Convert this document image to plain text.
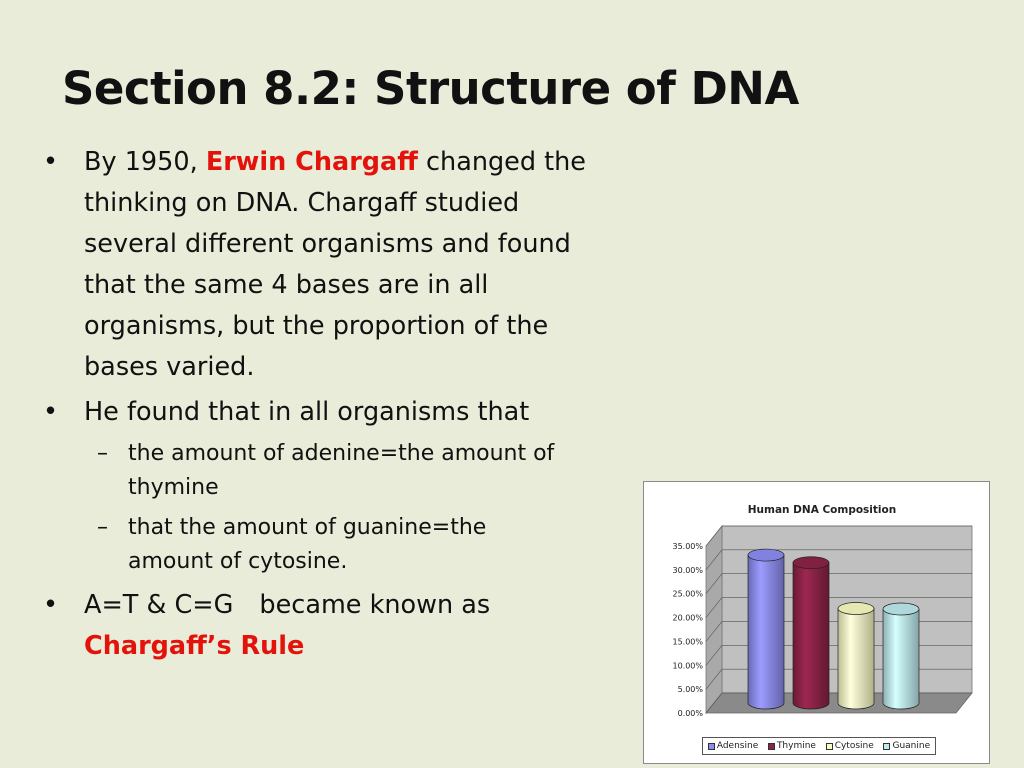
Section 8.2: Structure of DNA
• By 1950, Erwin Chargaff changed the
thinking on DNA. Chargaff studied
several different organisms and found
that the same 4 bases are in all
organisms, but the proportion of the
bases varied.
• He found that in all organisms that
– the amount of adenine=the amount of
thymine
– that the amount of guanine=the
amount of cytosine.
• A=T & C=G became known as
Chargaff’s Rule
Human DNA Composition
0.00%
5.00%
10.00%
15.00%
20.00%
25.00%
30.00%
35.00%
Adensine Thymine Cytosine Guanine
